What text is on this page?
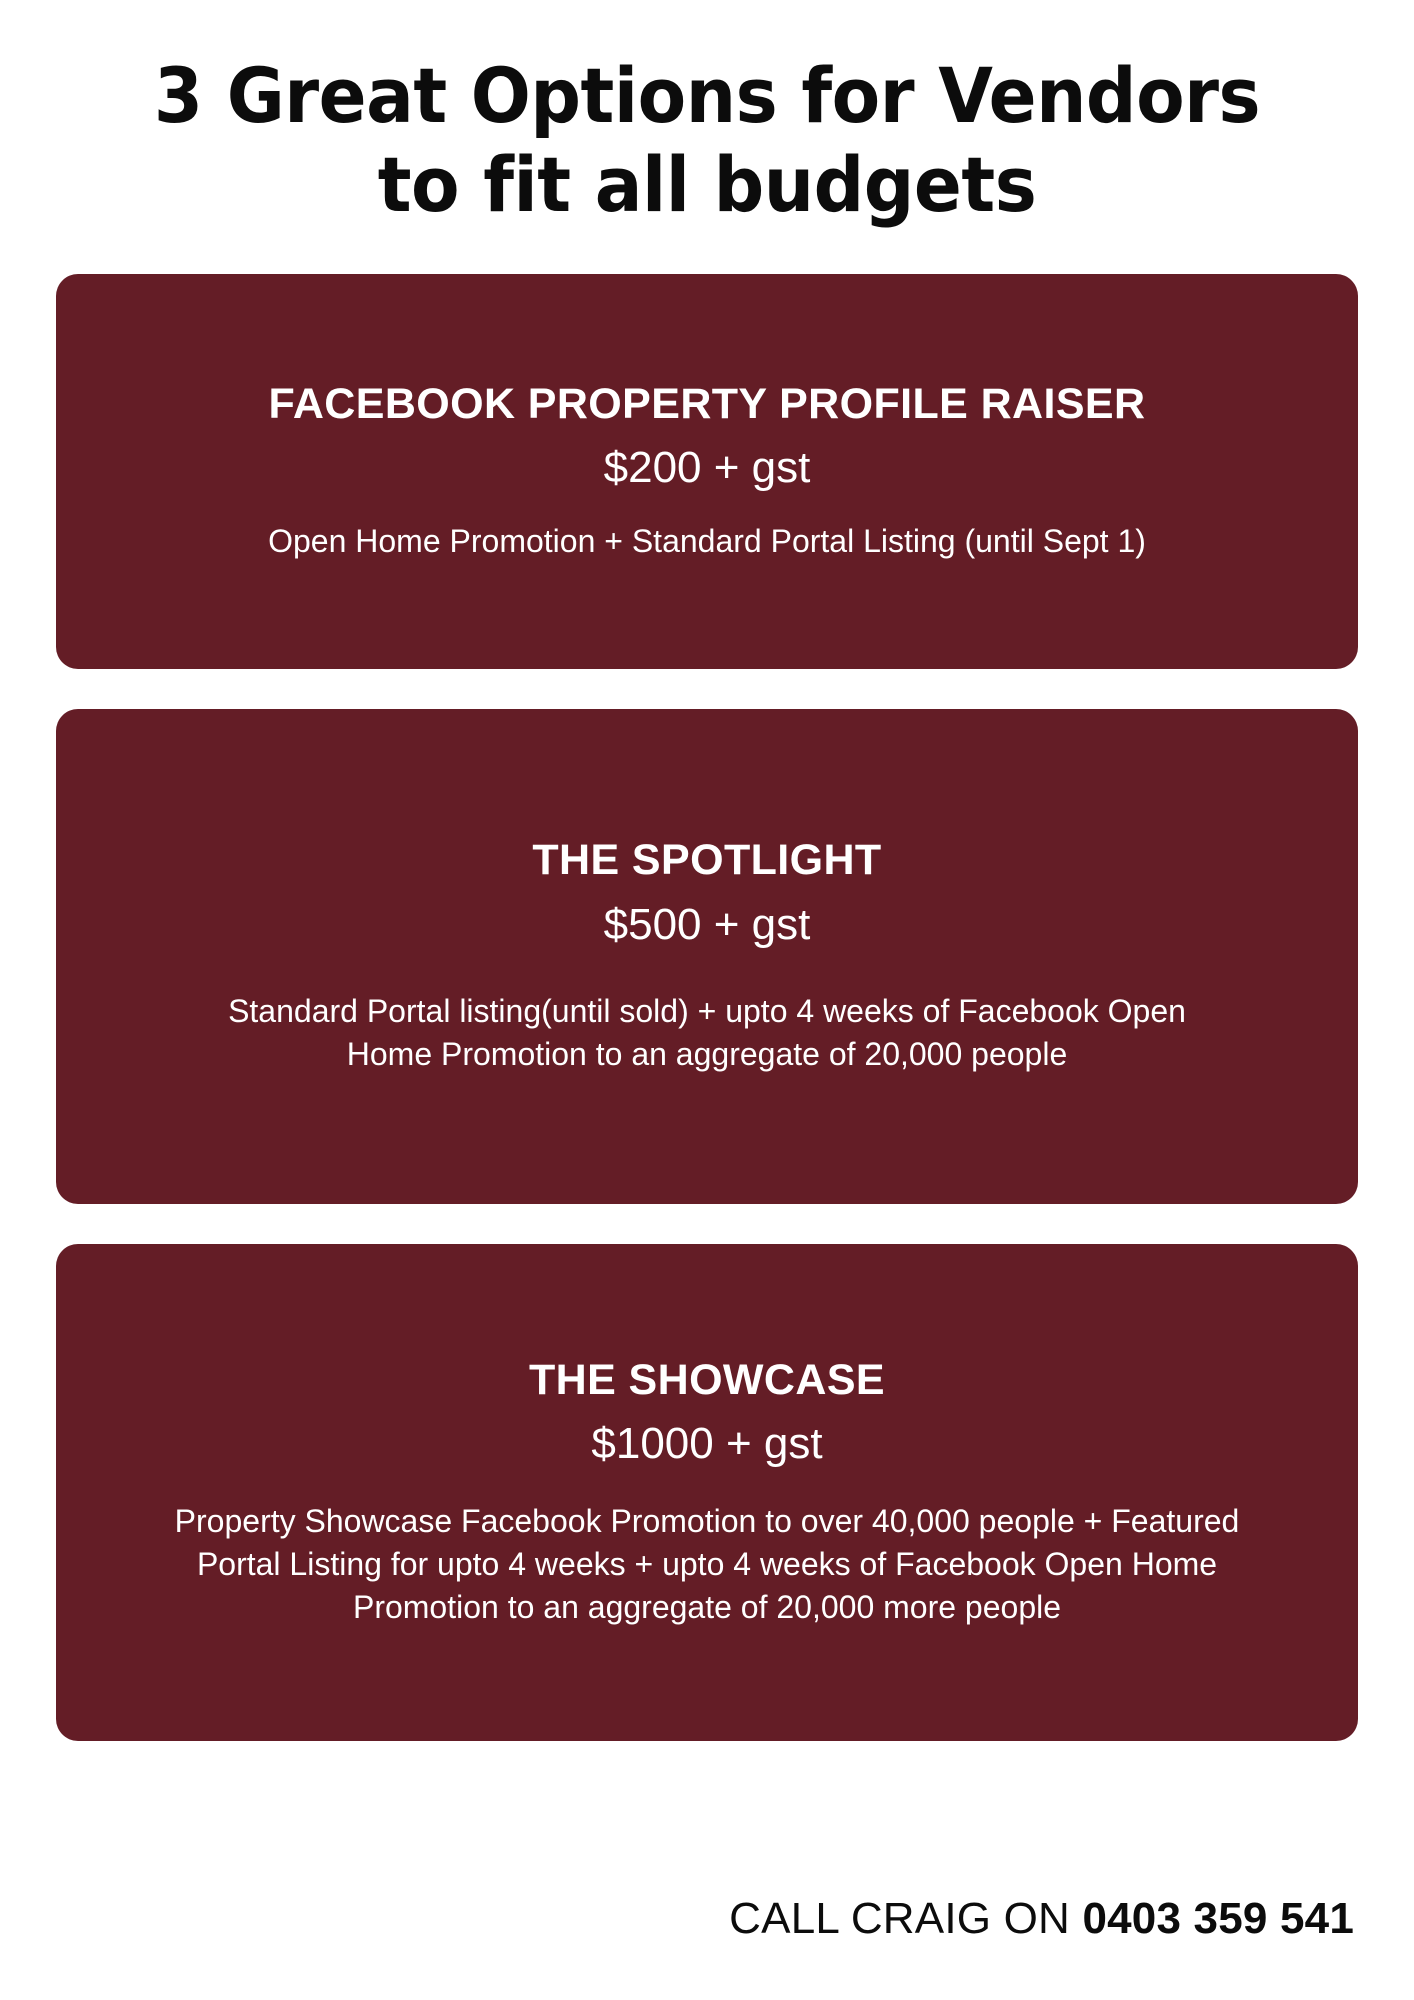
3 Great Options for Vendors
to fit all budgets
FACEBOOK PROPERTY PROFILE RAISER
$200 + gst
Open Home Promotion + Standard Portal Listing (until Sept 1)
THE SPOTLIGHT
$500 + gst
Standard Portal listing(until sold) + upto 4 weeks of Facebook Open Home Promotion to an aggregate of 20,000 people
THE SHOWCASE
$1000 + gst
Property Showcase Facebook Promotion to over 40,000 people + Featured Portal Listing for upto 4 weeks + upto 4 weeks of Facebook Open Home Promotion to an aggregate of 20,000 more people
CALL CRAIG ON 0403 359 541
